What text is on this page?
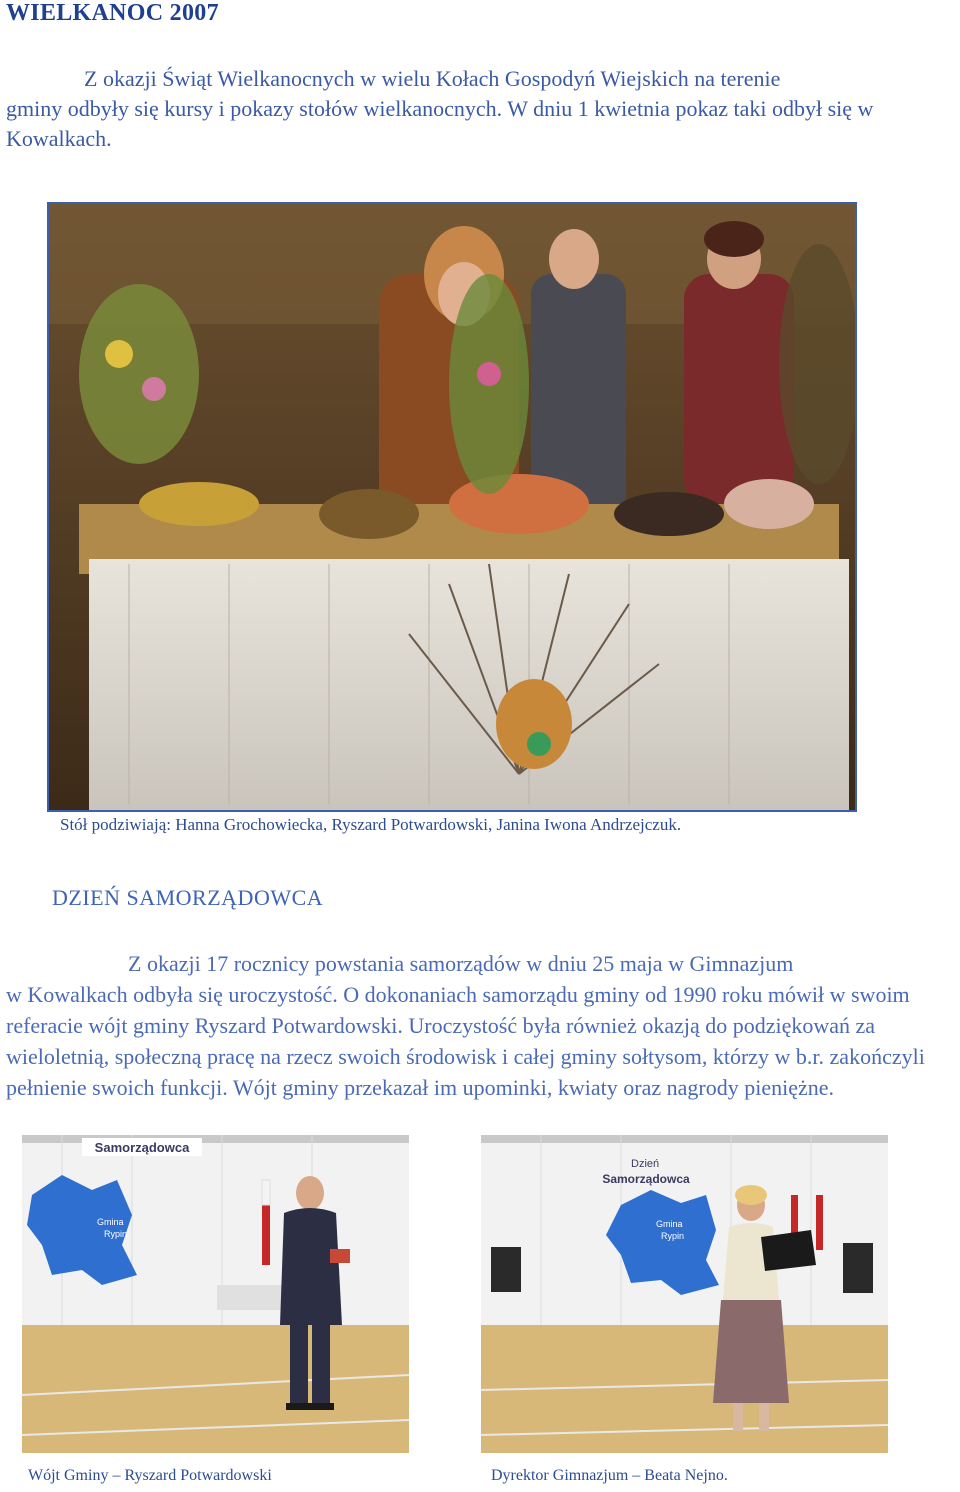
WIELKANOC 2007
Z okazji Świąt Wielkanocnych w wielu Kołach Gospodyń Wiejskich na terenie
gminy odbyły się kursy i pokazy stołów wielkanocnych. W dniu 1 kwietnia pokaz taki odbył się w Kowalkach.
Stół podziwiają: Hanna Grochowiecka, Ryszard Potwardowski, Janina Iwona Andrzejczuk.
DZIEŃ SAMORZĄDOWCA
Z okazji 17 rocznicy powstania samorządów w dniu 25 maja w Gimnazjum
w Kowalkach odbyła się uroczystość. O dokonaniach samorządu gminy od 1990 roku mówił w swoim referacie wójt gminy Ryszard Potwardowski. Uroczystość była również okazją do podziękowań za wieloletnią, społeczną pracę na rzecz swoich środowisk i całej gminy sołtysom, którzy w b.r. zakończyli pełnienie swoich funkcji. Wójt gminy przekazał im upominki, kwiaty oraz nagrody pieniężne.
Samorządowca
Gmina
Rypin
Dzień
Samorządowca
Gmina
Rypin
Wójt Gminy – Ryszard Potwardowski	Dyrektor Gimnazjum – Beata Nejno.
